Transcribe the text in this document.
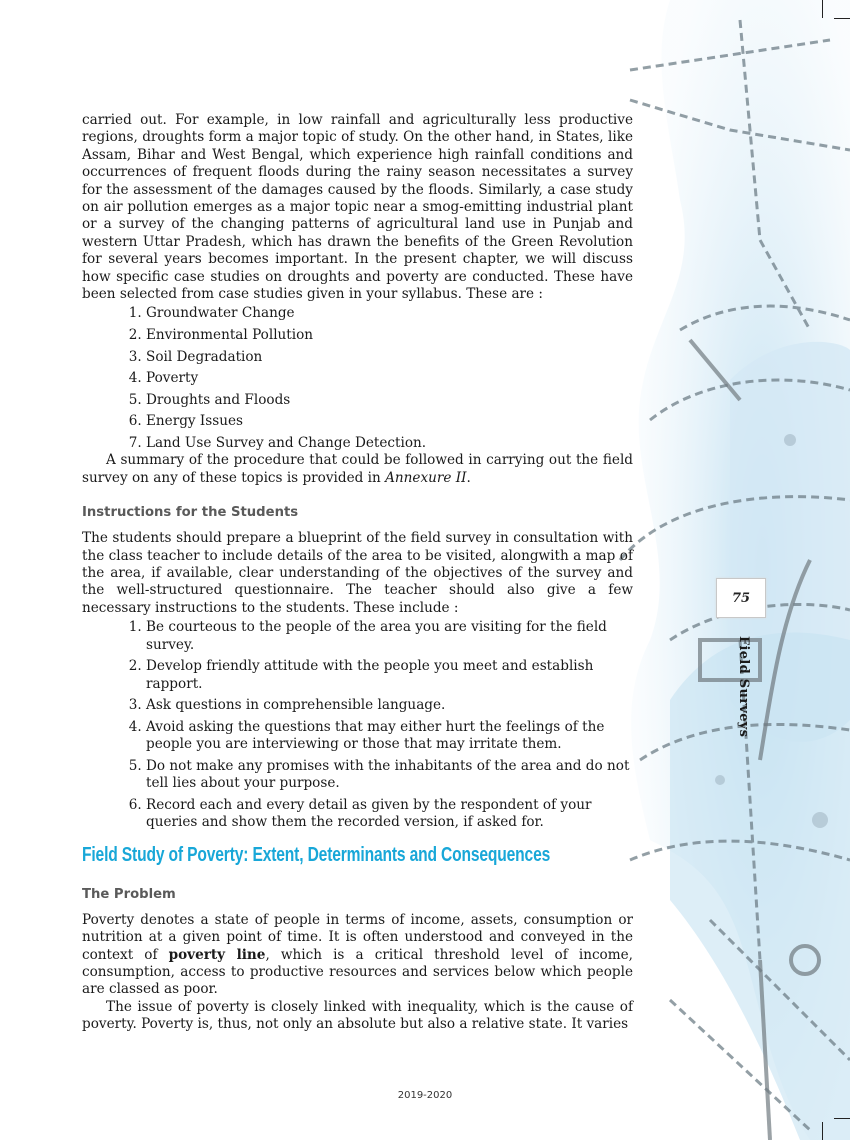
carried out. For example, in low rainfall and agriculturally less productive regions, droughts form a major topic of study. On the other hand, in States, like Assam, Bihar and West Bengal, which experience high rainfall conditions and occurrences of frequent floods during the rainy season necessitates a survey for the assessment of the damages caused by the floods. Similarly, a case study on air pollution emerges as a major topic near a smog-emitting industrial plant or a survey of the changing patterns of agricultural land use in Punjab and western Uttar Pradesh, which has drawn the benefits of the Green Revolution for several years becomes important. In the present chapter, we will discuss how specific case studies on droughts and poverty are conducted. These have been selected from case studies given in your syllabus. These are :

1. Groundwater Change
2. Environmental Pollution
3. Soil Degradation
4. Poverty
5. Droughts and Floods
6. Energy Issues
7. Land Use Survey and Change Detection.

A summary of the procedure that could be followed in carrying out the field survey on any of these topics is provided in Annexure II.

Instructions for the Students

The students should prepare a blueprint of the field survey in consultation with the class teacher to include details of the area to be visited, alongwith a map of the area, if available, clear understanding of the objectives of the survey and the well-structured questionnaire. The teacher should also give a few necessary instructions to the students. These include :

1. Be courteous to the people of the area you are visiting for the field survey.
2. Develop friendly attitude with the people you meet and establish rapport.
3. Ask questions in comprehensible language.
4. Avoid asking the questions that may either hurt the feelings of the people you are interviewing or those that may irritate them.
5. Do not make any promises with the inhabitants of the area and do not tell lies about your purpose.
6. Record each and every detail as given by the respondent of your queries and show them the recorded version, if asked for.
Field Study of Poverty: Extent, Determinants and Consequences
The Problem

Poverty denotes a state of people in terms of income, assets, consumption or nutrition at a given point of time. It is often understood and conveyed in the context of poverty line, which is a critical threshold level of income, consumption, access to productive resources and services below which people are classed as poor.

The issue of poverty is closely linked with inequality, which is the cause of poverty. Poverty is, thus, not only an absolute but also a relative state. It varies

75
Field Surveys
2019-2020
